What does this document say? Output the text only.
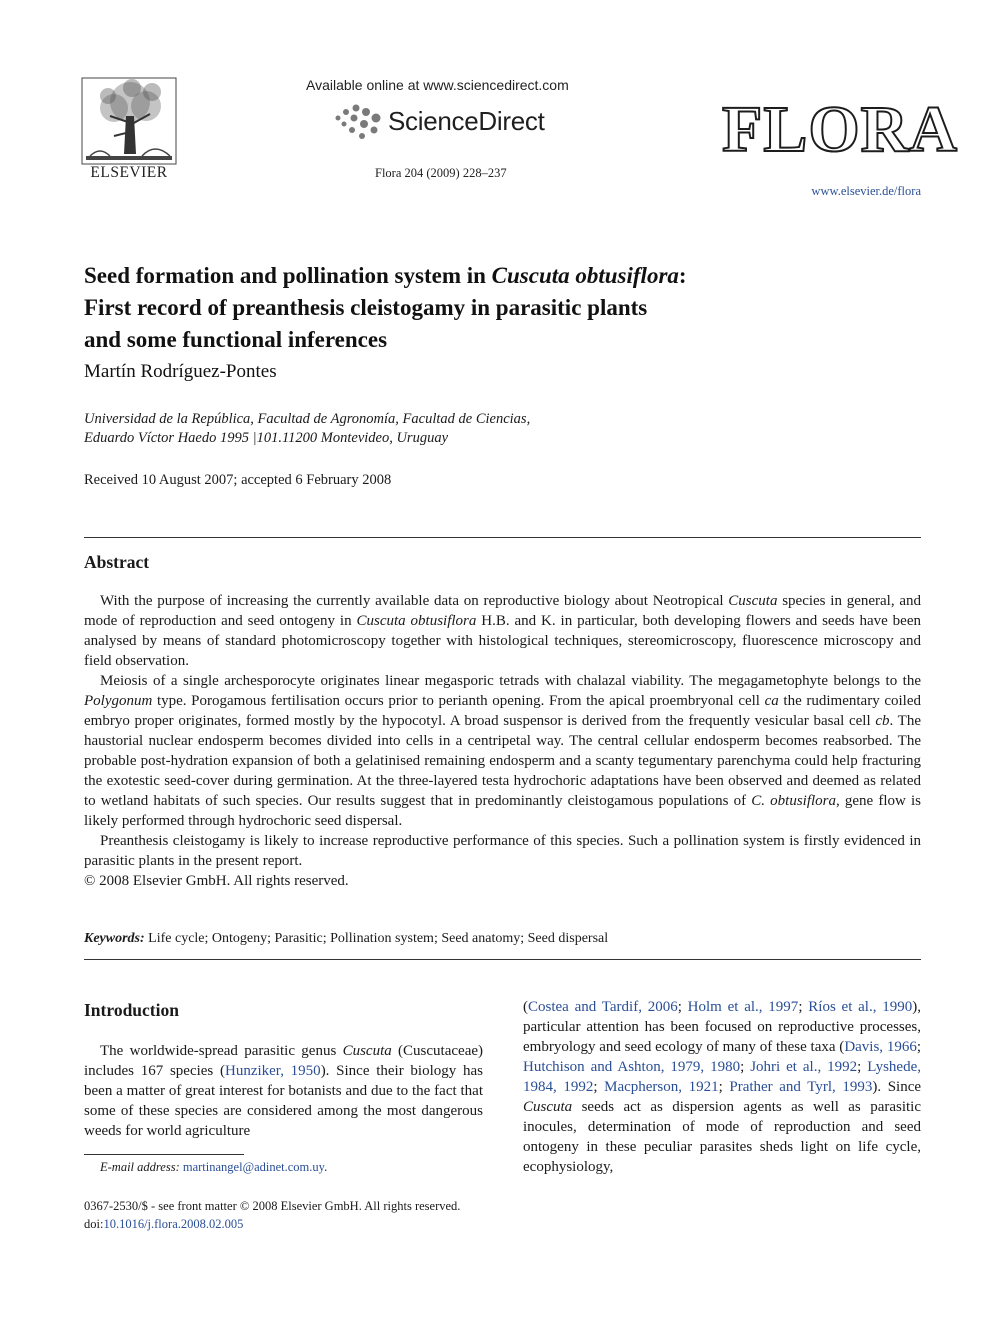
ELSEVIER
Available online at www.sciencedirect.com
ScienceDirect
Flora 204 (2009) 228–237
FLORA
www.elsevier.de/flora
Seed formation and pollination system in Cuscuta obtusiflora:
First record of preanthesis cleistogamy in parasitic plants
and some functional inferences
Martín Rodríguez-Pontes
Universidad de la República, Facultad de Agronomía, Facultad de Ciencias,
Eduardo Víctor Haedo 1995 |101.11200 Montevideo, Uruguay
Received 10 August 2007; accepted 6 February 2008
Abstract

With the purpose of increasing the currently available data on reproductive biology about Neotropical Cuscuta species in general, and mode of reproduction and seed ontogeny in Cuscuta obtusiflora H.B. and K. in particular, both developing flowers and seeds have been analysed by means of standard photomicroscopy together with histological techniques, stereomicroscopy, fluorescence microscopy and field observation.

Meiosis of a single archesporocyte originates linear megasporic tetrads with chalazal viability. The megagametophyte belongs to the Polygonum type. Porogamous fertilisation occurs prior to perianth opening. From the apical proembryonal cell ca the rudimentary coiled embryo proper originates, formed mostly by the hypocotyl. A broad suspensor is derived from the frequently vesicular basal cell cb. The haustorial nuclear endosperm becomes divided into cells in a centripetal way. The central cellular endosperm becomes reabsorbed. The probable post-hydration expansion of both a gelatinised remaining endosperm and a scanty tegumentary parenchyma could help fracturing the exotestic seed-cover during germination. At the three-layered testa hydrochoric adaptations have been observed and deemed as related to wetland habitats of such species. Our results suggest that in predominantly cleistogamous populations of C. obtusiflora, gene flow is likely performed through hydrochoric seed dispersal.

Preanthesis cleistogamy is likely to increase reproductive performance of this species. Such a pollination system is firstly evidenced in parasitic plants in the present report.

© 2008 Elsevier GmbH. All rights reserved.

Keywords: Life cycle; Ontogeny; Parasitic; Pollination system; Seed anatomy; Seed dispersal
Introduction

The worldwide-spread parasitic genus Cuscuta (Cuscutaceae) includes 167 species (Hunziker, 1950). Since their biology has been a matter of great interest for botanists and due to the fact that some of these species are considered among the most dangerous weeds for world agriculture

(Costea and Tardif, 2006; Holm et al., 1997; Ríos et al., 1990), particular attention has been focused on reproductive processes, embryology and seed ecology of many of these taxa (Davis, 1966; Hutchison and Ashton, 1979, 1980; Johri et al., 1992; Lyshede, 1984, 1992; Macpherson, 1921; Prather and Tyrl, 1993). Since Cuscuta seeds act as dispersion agents as well as parasitic inocules, determination of mode of reproduction and seed ontogeny in these peculiar parasites sheds light on life cycle, ecophysiology,

E-mail address: martinangel@adinet.com.uy.
0367-2530/$ - see front matter © 2008 Elsevier GmbH. All rights reserved.
doi:10.1016/j.flora.2008.02.005
